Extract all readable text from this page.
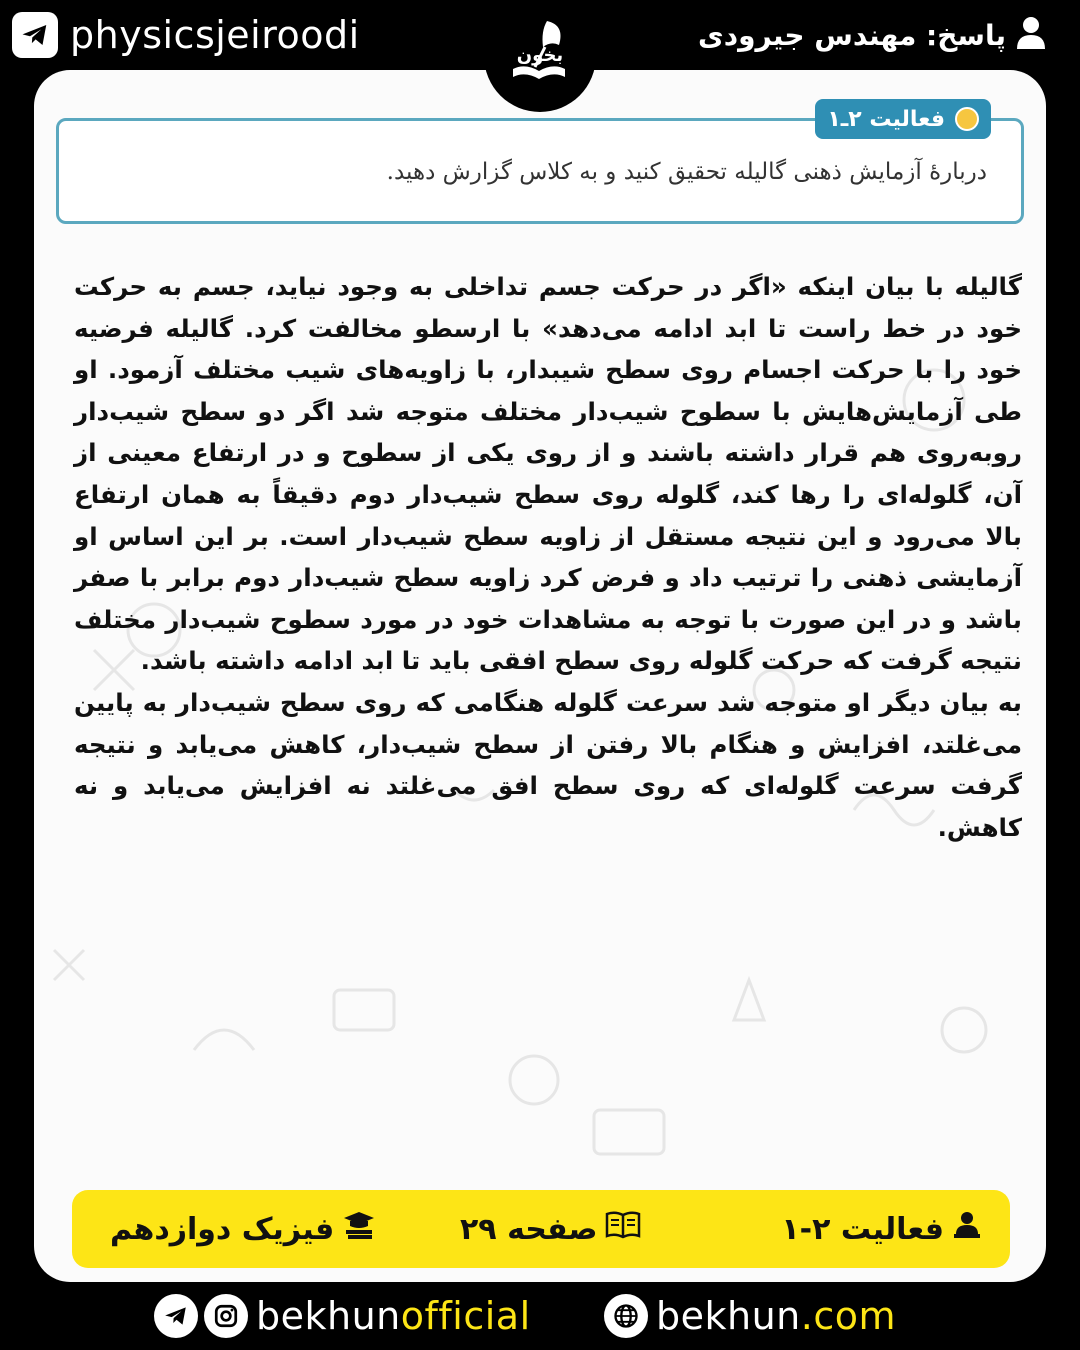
physicsjeiroodi	پاسخ: مهندس جیرودی
بخون
فعالیت ۲ـ۱
دربارهٔ آزمایش ذهنی گالیله تحقیق کنید و به کلاس گزارش دهید.

گالیله با بیان اینکه «اگر در حرکت جسم تداخلی به وجود نیاید، جسم به حرکت خود در خط راست تا ابد ادامه می‌دهد» با ارسطو مخالفت کرد. گالیله فرضیه خود را با حرکت اجسام روی سطح شیبدار، با زاویه‌های شیب مختلف آزمود. او طی آزمایش‌هایش با سطوح شیب‌دار مختلف متوجه شد اگر دو سطح شیب‌دار روبه‌روی هم قرار داشته باشند و از روی یکی از سطوح و در ارتفاع معینی از آن، گلوله‌ای را رها کند، گلوله روی سطح شیب‌دار دوم دقیقاً به همان ارتفاع بالا می‌رود و این نتیجه مستقل از زاویه سطح شیب‌دار است. بر این اساس او آزمایشی ذهنی را ترتیب داد و فرض کرد زاویه سطح شیب‌دار دوم برابر با صفر باشد و در این صورت با توجه به مشاهدات خود در مورد سطوح شیب‌دار مختلف نتیجه گرفت که حرکت گلوله روی سطح افقی باید تا ابد ادامه داشته باشد.

به بیان دیگر او متوجه شد سرعت گلوله هنگامی که روی سطح شیب‌دار به پایین می‌غلتد، افزایش و هنگام بالا رفتن از سطح شیب‌دار، کاهش می‌یابد و نتیجه گرفت سرعت گلوله‌ای که روی سطح افق می‌غلتد نه افزایش می‌یابد و نه کاهش.

فعالیت ۲-۱
صفحه ۲۹
فیزیک دوازدهم
bekhun official	bekhun .com
